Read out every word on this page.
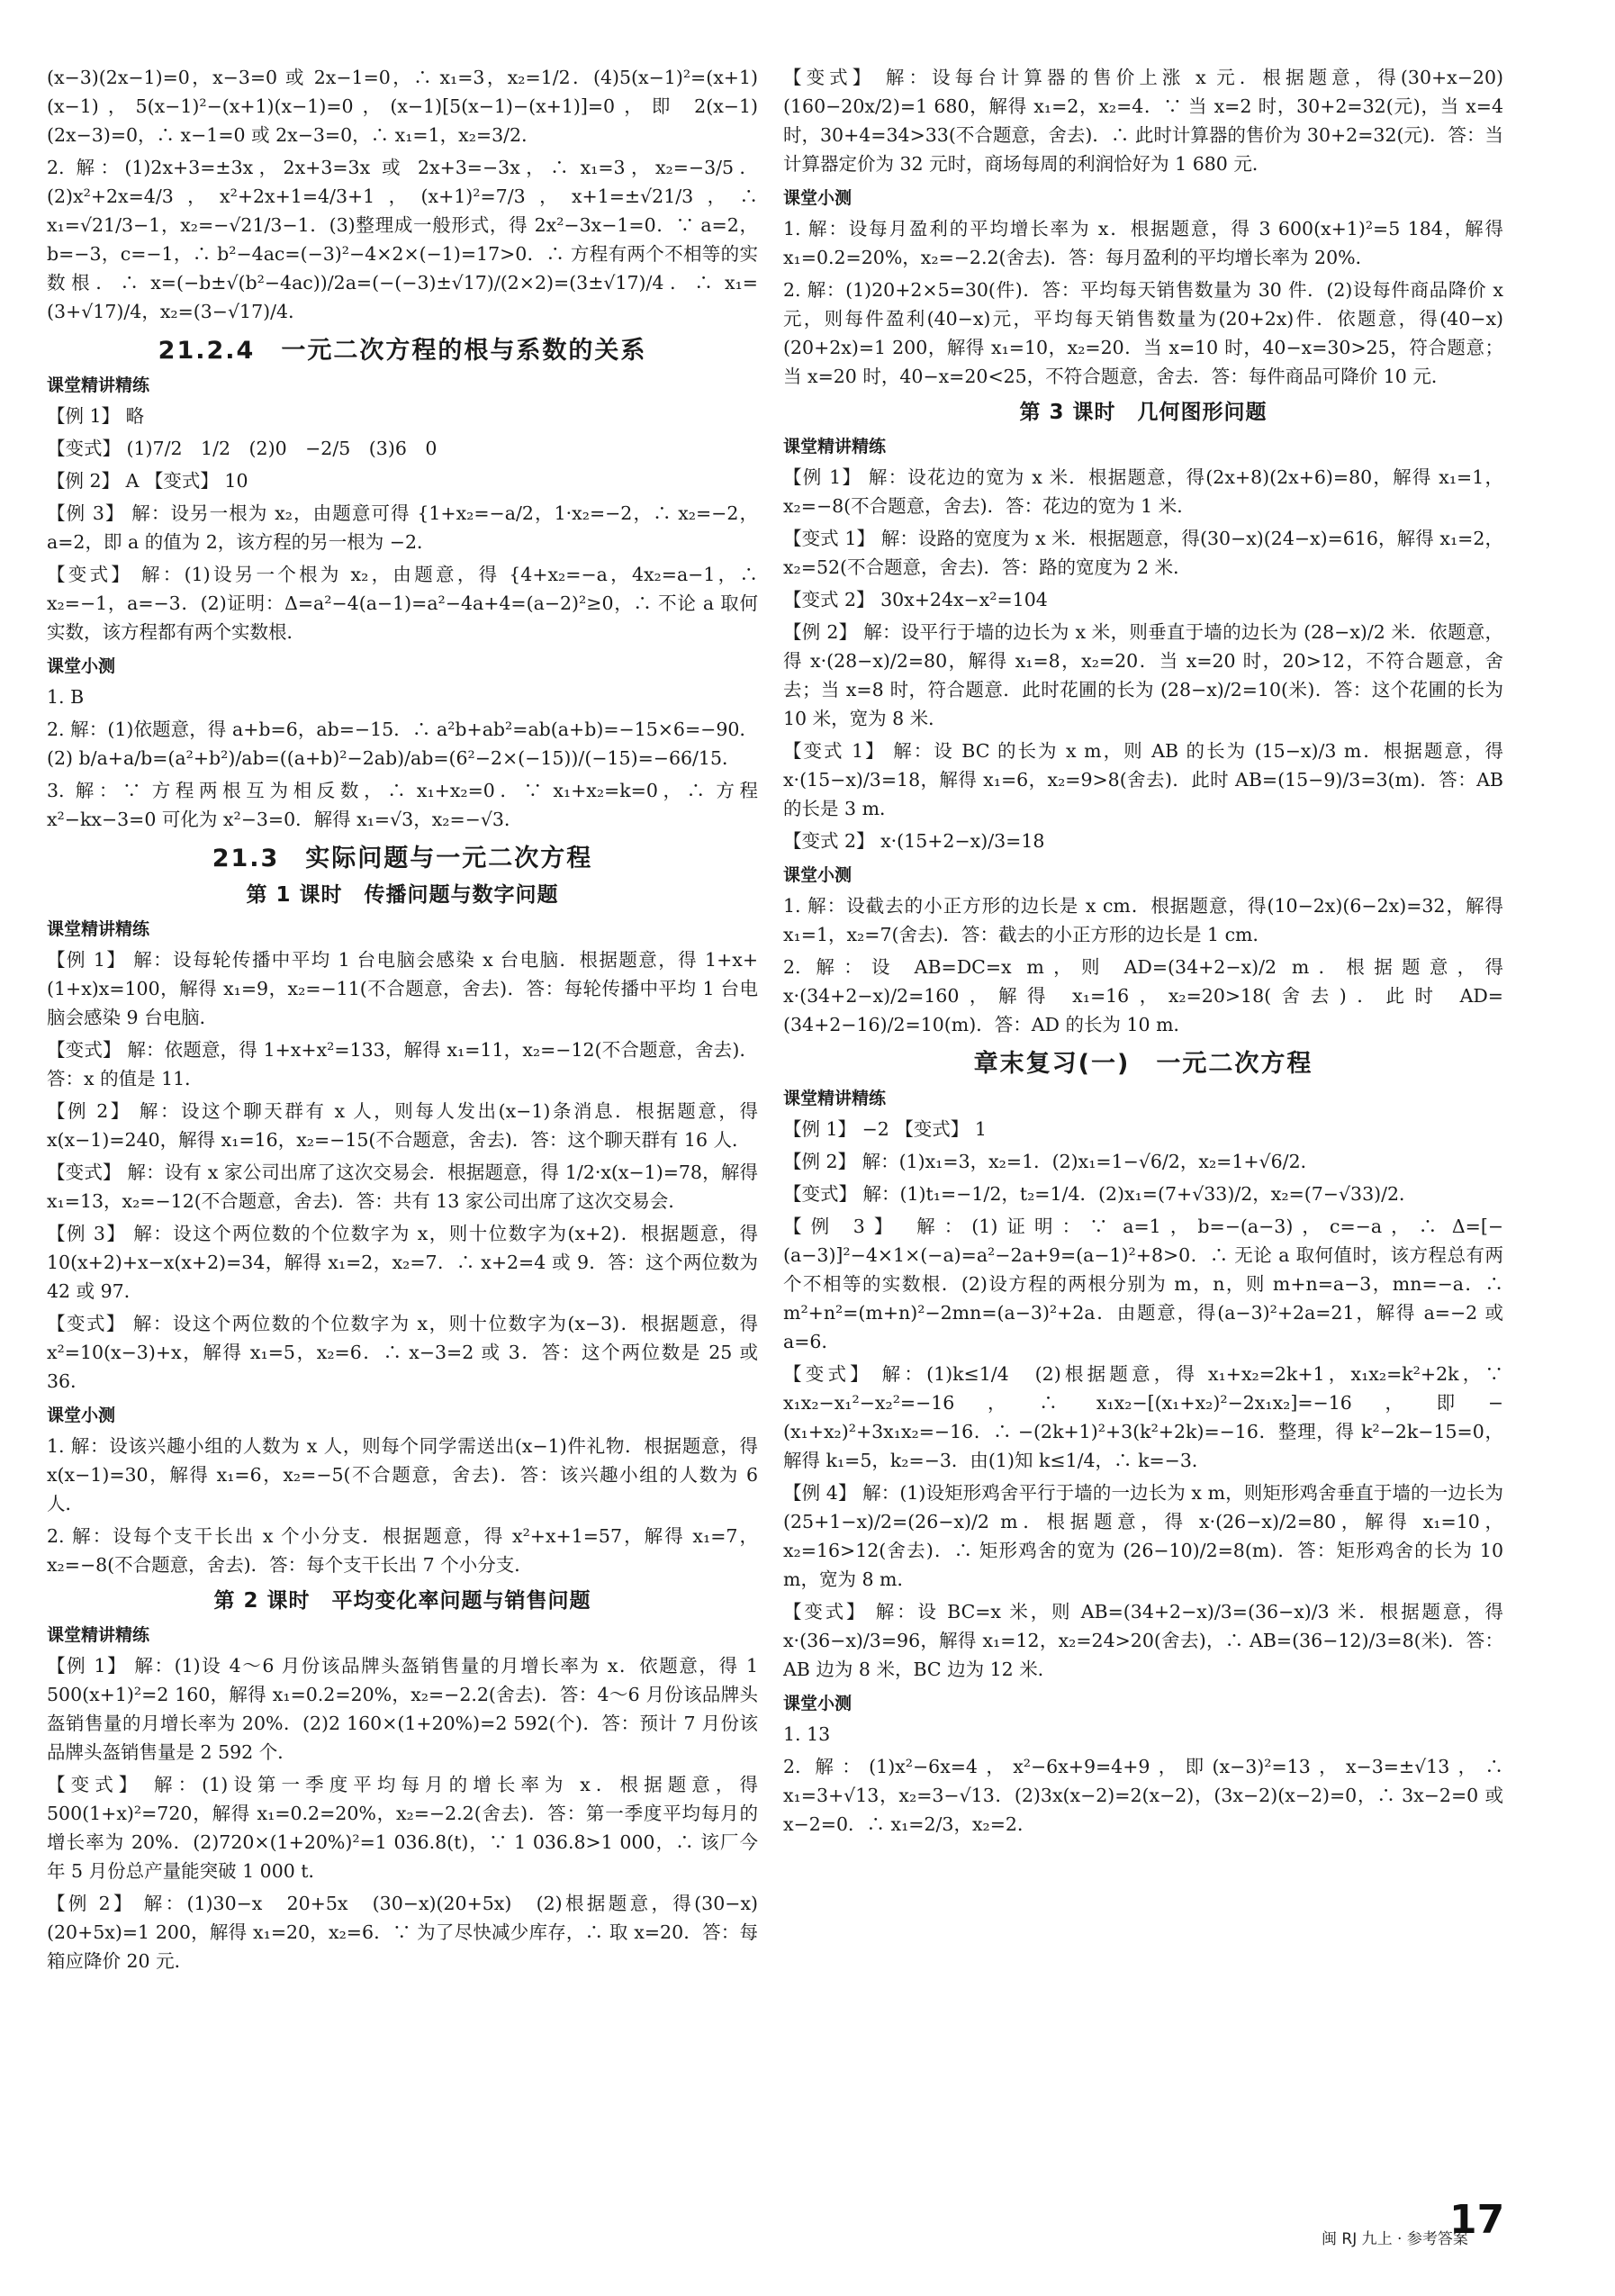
(x−3)(2x−1)=0，x−3=0 或 2x−1=0，∴ x₁=3，x₂=1/2．(4)5(x−1)²=(x+1)(x−1)，5(x−1)²−(x+1)(x−1)=0，(x−1)[5(x−1)−(x+1)]=0，即 2(x−1)(2x−3)=0，∴ x−1=0 或 2x−3=0，∴ x₁=1，x₂=3/2．

2. 解：(1)2x+3=±3x，2x+3=3x 或 2x+3=−3x，∴ x₁=3，x₂=−3/5．(2)x²+2x=4/3，x²+2x+1=4/3+1，(x+1)²=7/3，x+1=±√21/3，∴ x₁=√21/3−1，x₂=−√21/3−1．(3)整理成一般形式，得 2x²−3x−1=0．∵ a=2，b=−3，c=−1，∴ b²−4ac=(−3)²−4×2×(−1)=17>0．∴ 方程有两个不相等的实数根．∴ x=(−b±√(b²−4ac))/2a=(−(−3)±√17)/(2×2)=(3±√17)/4．∴ x₁=(3+√17)/4，x₂=(3−√17)/4．

21.2.4　一元二次方程的根与系数的关系
课堂精讲精练

【例 1】 略

【变式】 (1)7/2　1/2　(2)0　−2/5　(3)6　0

【例 2】 A 【变式】 10

【例 3】 解：设另一根为 x₂，由题意可得 {1+x₂=−a/2，1·x₂=−2，∴ x₂=−2，a=2，即 a 的值为 2，该方程的另一根为 −2．

【变式】 解：(1)设另一个根为 x₂，由题意，得 {4+x₂=−a，4x₂=a−1，∴ x₂=−1，a=−3．(2)证明：Δ=a²−4(a−1)=a²−4a+4=(a−2)²≥0，∴ 不论 a 取何实数，该方程都有两个实数根．

课堂小测

1. B

2. 解：(1)依题意，得 a+b=6，ab=−15．∴ a²b+ab²=ab(a+b)=−15×6=−90．(2) b/a+a/b=(a²+b²)/ab=((a+b)²−2ab)/ab=(6²−2×(−15))/(−15)=−66/15．

3. 解：∵ 方程两根互为相反数，∴ x₁+x₂=0．∵ x₁+x₂=k=0，∴ 方程 x²−kx−3=0 可化为 x²−3=0．解得 x₁=√3，x₂=−√3．

21.3　实际问题与一元二次方程
第 1 课时　传播问题与数字问题
课堂精讲精练

【例 1】 解：设每轮传播中平均 1 台电脑会感染 x 台电脑．根据题意，得 1+x+(1+x)x=100，解得 x₁=9，x₂=−11(不合题意，舍去)．答：每轮传播中平均 1 台电脑会感染 9 台电脑．

【变式】 解：依题意，得 1+x+x²=133，解得 x₁=11，x₂=−12(不合题意，舍去)．答：x 的值是 11．

【例 2】 解：设这个聊天群有 x 人，则每人发出(x−1)条消息．根据题意，得 x(x−1)=240，解得 x₁=16，x₂=−15(不合题意，舍去)．答：这个聊天群有 16 人．

【变式】 解：设有 x 家公司出席了这次交易会．根据题意，得 1/2·x(x−1)=78，解得 x₁=13，x₂=−12(不合题意，舍去)．答：共有 13 家公司出席了这次交易会．

【例 3】 解：设这个两位数的个位数字为 x，则十位数字为(x+2)．根据题意，得 10(x+2)+x−x(x+2)=34，解得 x₁=2，x₂=7．∴ x+2=4 或 9．答：这个两位数为 42 或 97．

【变式】 解：设这个两位数的个位数字为 x，则十位数字为(x−3)．根据题意，得 x²=10(x−3)+x，解得 x₁=5，x₂=6．∴ x−3=2 或 3．答：这个两位数是 25 或 36．

课堂小测

1. 解：设该兴趣小组的人数为 x 人，则每个同学需送出(x−1)件礼物．根据题意，得 x(x−1)=30，解得 x₁=6，x₂=−5(不合题意，舍去)．答：该兴趣小组的人数为 6 人．

2. 解：设每个支干长出 x 个小分支．根据题意，得 x²+x+1=57，解得 x₁=7，x₂=−8(不合题意，舍去)．答：每个支干长出 7 个小分支．

第 2 课时　平均变化率问题与销售问题
课堂精讲精练

【例 1】 解：(1)设 4～6 月份该品牌头盔销售量的月增长率为 x．依题意，得 1 500(x+1)²=2 160，解得 x₁=0.2=20%，x₂=−2.2(舍去)．答：4～6 月份该品牌头盔销售量的月增长率为 20%．(2)2 160×(1+20%)=2 592(个)．答：预计 7 月份该品牌头盔销售量是 2 592 个．

【变式】 解：(1)设第一季度平均每月的增长率为 x．根据题意，得 500(1+x)²=720，解得 x₁=0.2=20%，x₂=−2.2(舍去)．答：第一季度平均每月的增长率为 20%．(2)720×(1+20%)²=1 036.8(t)，∵ 1 036.8>1 000，∴ 该厂今年 5 月份总产量能突破 1 000 t．

【例 2】 解：(1)30−x　20+5x　(30−x)(20+5x)　(2)根据题意，得(30−x)(20+5x)=1 200，解得 x₁=20，x₂=6．∵ 为了尽快减少库存，∴ 取 x=20．答：每箱应降价 20 元．

【变式】 解：设每台计算器的售价上涨 x 元．根据题意，得(30+x−20)(160−20x/2)=1 680，解得 x₁=2，x₂=4．∵ 当 x=2 时，30+2=32(元)，当 x=4 时，30+4=34>33(不合题意，舍去)．∴ 此时计算器的售价为 30+2=32(元)．答：当计算器定价为 32 元时，商场每周的利润恰好为 1 680 元．

课堂小测

1. 解：设每月盈利的平均增长率为 x．根据题意，得 3 600(x+1)²=5 184，解得 x₁=0.2=20%，x₂=−2.2(舍去)．答：每月盈利的平均增长率为 20%．

2. 解：(1)20+2×5=30(件)．答：平均每天销售数量为 30 件．(2)设每件商品降价 x 元，则每件盈利(40−x)元，平均每天销售数量为(20+2x)件．依题意，得(40−x)(20+2x)=1 200，解得 x₁=10，x₂=20．当 x=10 时，40−x=30>25，符合题意；当 x=20 时，40−x=20<25，不符合题意，舍去．答：每件商品可降价 10 元．

第 3 课时　几何图形问题
课堂精讲精练

【例 1】 解：设花边的宽为 x 米．根据题意，得(2x+8)(2x+6)=80，解得 x₁=1，x₂=−8(不合题意，舍去)．答：花边的宽为 1 米．

【变式 1】 解：设路的宽度为 x 米．根据题意，得(30−x)(24−x)=616，解得 x₁=2，x₂=52(不合题意，舍去)．答：路的宽度为 2 米．

【变式 2】 30x+24x−x²=104

【例 2】 解：设平行于墙的边长为 x 米，则垂直于墙的边长为 (28−x)/2 米．依题意，得 x·(28−x)/2=80，解得 x₁=8，x₂=20．当 x=20 时，20>12，不符合题意，舍去；当 x=8 时，符合题意．此时花圃的长为 (28−x)/2=10(米)．答：这个花圃的长为 10 米，宽为 8 米．

【变式 1】 解：设 BC 的长为 x m，则 AB 的长为 (15−x)/3 m．根据题意，得 x·(15−x)/3=18，解得 x₁=6，x₂=9>8(舍去)．此时 AB=(15−9)/3=3(m)．答：AB 的长是 3 m．

【变式 2】 x·(15+2−x)/3=18

课堂小测

1. 解：设截去的小正方形的边长是 x cm．根据题意，得(10−2x)(6−2x)=32，解得 x₁=1，x₂=7(舍去)．答：截去的小正方形的边长是 1 cm．

2. 解：设 AB=DC=x m，则 AD=(34+2−x)/2 m．根据题意，得 x·(34+2−x)/2=160，解得 x₁=16，x₂=20>18(舍去)．此时 AD=(34+2−16)/2=10(m)．答：AD 的长为 10 m．

章末复习(一)　一元二次方程
课堂精讲精练

【例 1】 −2 【变式】 1

【例 2】 解：(1)x₁=3，x₂=1．(2)x₁=1−√6/2，x₂=1+√6/2．

【变式】 解：(1)t₁=−1/2，t₂=1/4．(2)x₁=(7+√33)/2，x₂=(7−√33)/2．

【例 3】 解：(1)证明：∵ a=1，b=−(a−3)，c=−a，∴ Δ=[−(a−3)]²−4×1×(−a)=a²−2a+9=(a−1)²+8>0．∴ 无论 a 取何值时，该方程总有两个不相等的实数根．(2)设方程的两根分别为 m，n，则 m+n=a−3，mn=−a．∴ m²+n²=(m+n)²−2mn=(a−3)²+2a．由题意，得(a−3)²+2a=21，解得 a=−2 或 a=6．

【变式】 解：(1)k≤1/4　(2)根据题意，得 x₁+x₂=2k+1，x₁x₂=k²+2k，∵ x₁x₂−x₁²−x₂²=−16，∴ x₁x₂−[(x₁+x₂)²−2x₁x₂]=−16，即−(x₁+x₂)²+3x₁x₂=−16．∴ −(2k+1)²+3(k²+2k)=−16．整理，得 k²−2k−15=0，解得 k₁=5，k₂=−3．由(1)知 k≤1/4，∴ k=−3．

【例 4】 解：(1)设矩形鸡舍平行于墙的一边长为 x m，则矩形鸡舍垂直于墙的一边长为 (25+1−x)/2=(26−x)/2 m．根据题意，得 x·(26−x)/2=80，解得 x₁=10，x₂=16>12(舍去)．∴ 矩形鸡舍的宽为 (26−10)/2=8(m)．答：矩形鸡舍的长为 10 m，宽为 8 m．

【变式】 解：设 BC=x 米，则 AB=(34+2−x)/3=(36−x)/3 米．根据题意，得 x·(36−x)/3=96，解得 x₁=12，x₂=24>20(舍去)，∴ AB=(36−12)/3=8(米)．答：AB 边为 8 米，BC 边为 12 米．

课堂小测

1. 13

2. 解：(1)x²−6x=4，x²−6x+9=4+9，即(x−3)²=13，x−3=±√13，∴ x₁=3+√13，x₂=3−√13．(2)3x(x−2)=2(x−2)，(3x−2)(x−2)=0，∴ 3x−2=0 或 x−2=0．∴ x₁=2/3，x₂=2．

闽 RJ 九上 · 参考答案
17
